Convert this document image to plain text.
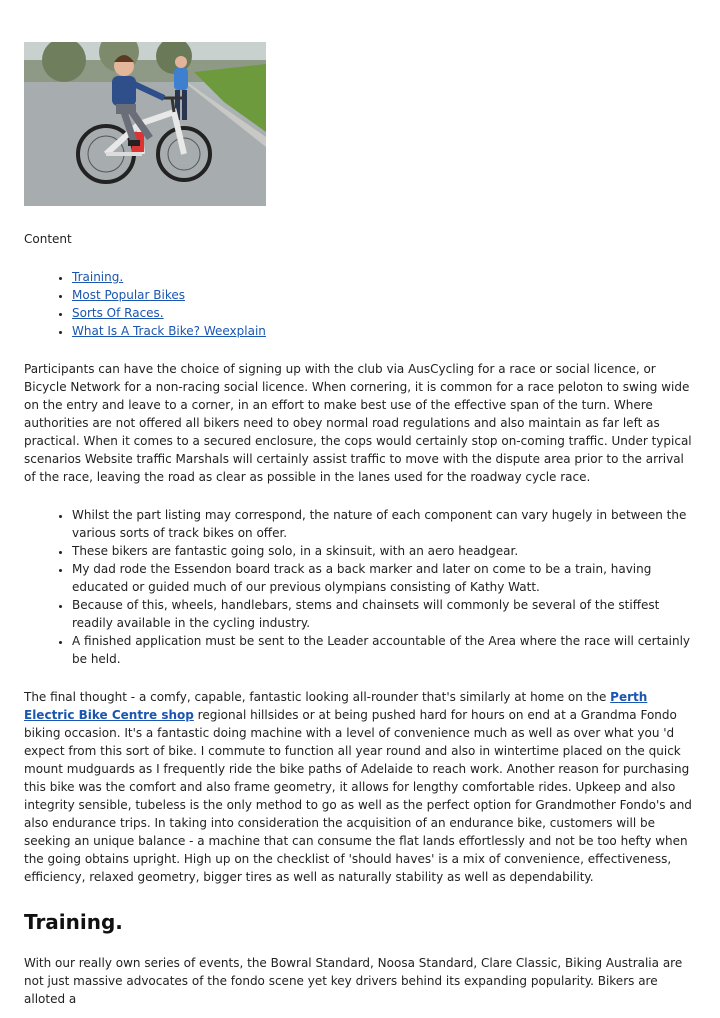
Content
• Training.
• Most Popular Bikes
• Sorts Of Races.
• What Is A Track Bike? Weexplain

Participants can have the choice of signing up with the club via AusCycling for a race or social licence, or Bicycle Network for a non-racing social licence. When cornering, it is common for a race peloton to swing wide on the entry and leave to a corner, in an effort to make best use of the effective span of the turn. Where authorities are not offered all bikers need to obey normal road regulations and also maintain as far left as practical. When it comes to a secured enclosure, the cops would certainly stop on-coming traffic. Under typical scenarios Website traffic Marshals will certainly assist traffic to move with the dispute area prior to the arrival of the race, leaving the road as clear as possible in the lanes used for the roadway cycle race.

• Whilst the part listing may correspond, the nature of each component can vary hugely in between the various sorts of track bikes on offer.
• These bikers are fantastic going solo, in a skinsuit, with an aero headgear.
• My dad rode the Essendon board track as a back marker and later on come to be a train, having educated or guided much of our previous olympians consisting of Kathy Watt.
• Because of this, wheels, handlebars, stems and chainsets will commonly be several of the stiffest readily available in the cycling industry.
• A finished application must be sent to the Leader accountable of the Area where the race will certainly be held.

The final thought - a comfy, capable, fantastic looking all-rounder that's similarly at home on the Perth Electric Bike Centre shop regional hillsides or at being pushed hard for hours on end at a Grandma Fondo biking occasion. It's a fantastic doing machine with a level of convenience much as well as over what you 'd expect from this sort of bike. I commute to function all year round and also in wintertime placed on the quick mount mudguards as I frequently ride the bike paths of Adelaide to reach work. Another reason for purchasing this bike was the comfort and also frame geometry, it allows for lengthy comfortable rides. Upkeep and also integrity sensible, tubeless is the only method to go as well as the perfect option for Grandmother Fondo's and also endurance trips. In taking into consideration the acquisition of an endurance bike, customers will be seeking an unique balance - a machine that can consume the flat lands effortlessly and not be too hefty when the going obtains upright. High up on the checklist of 'should haves' is a mix of convenience, effectiveness, efficiency, relaxed geometry, bigger tires as well as naturally stability as well as dependability.

Training.

With our really own series of events, the Bowral Standard, Noosa Standard, Clare Classic, Biking Australia are not just massive advocates of the fondo scene yet key drivers behind its expanding popularity. Bikers are alloted a
